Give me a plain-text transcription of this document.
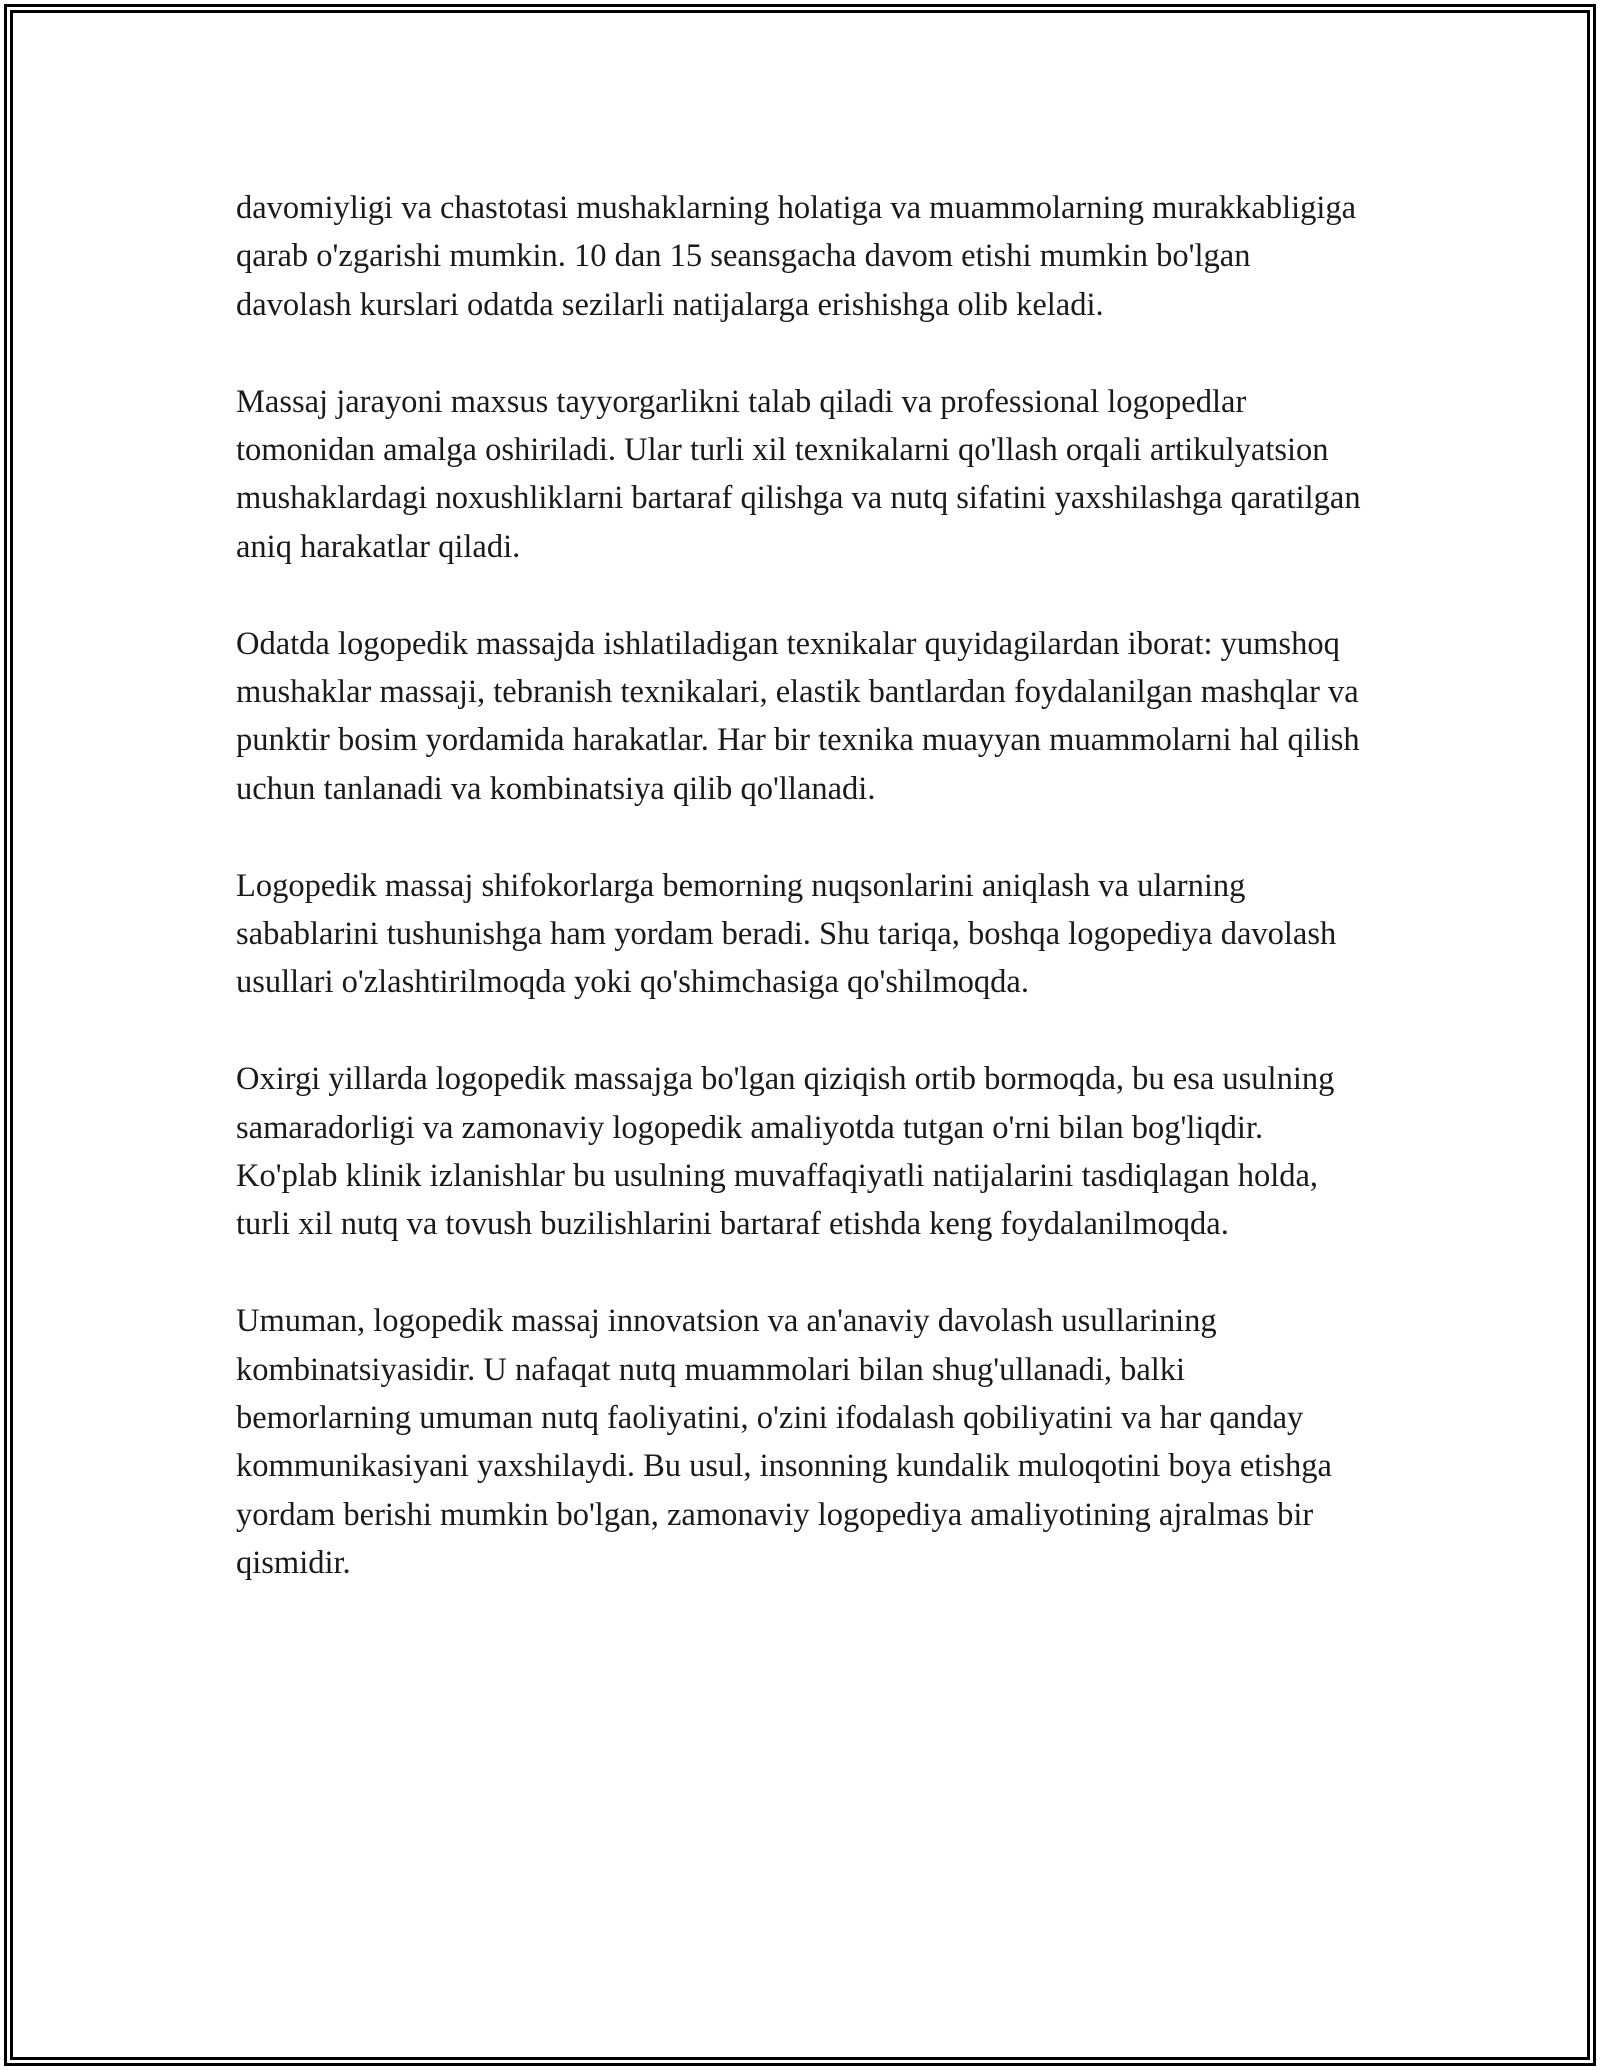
davomiyligi va chastotasi mushaklarning holatiga va muammolarning murakkabligiga qarab o'zgarishi mumkin. 10 dan 15 seansgacha davom etishi mumkin bo'lgan davolash kurslari odatda sezilarli natijalarga erishishga olib keladi.

Massaj jarayoni maxsus tayyorgarlikni talab qiladi va professional logopedlar tomonidan amalga oshiriladi. Ular turli xil texnikalarni qo'llash orqali artikulyatsion mushaklardagi noxushliklarni bartaraf qilishga va nutq sifatini yaxshilashga qaratilgan aniq harakatlar qiladi.

Odatda logopedik massajda ishlatiladigan texnikalar quyidagilardan iborat: yumshoq mushaklar massaji, tebranish texnikalari, elastik bantlardan foydalanilgan mashqlar va punktir bosim yordamida harakatlar. Har bir texnika muayyan muammolarni hal qilish uchun tanlanadi va kombinatsiya qilib qo'llanadi.

Logopedik massaj shifokorlarga bemorning nuqsonlarini aniqlash va ularning sabablarini tushunishga ham yordam beradi. Shu tariqa, boshqa logopediya davolash usullari o'zlashtirilmoqda yoki qo'shimchasiga qo'shilmoqda.

Oxirgi yillarda logopedik massajga bo'lgan qiziqish ortib bormoqda, bu esa usulning samaradorligi va zamonaviy logopedik amaliyotda tutgan o'rni bilan bog'liqdir. Ko'plab klinik izlanishlar bu usulning muvaffaqiyatli natijalarini tasdiqlagan holda, turli xil nutq va tovush buzilishlarini bartaraf etishda keng foydalanilmoqda.

Umuman, logopedik massaj innovatsion va an'anaviy davolash usullarining kombinatsiyasidir. U nafaqat nutq muammolari bilan shug'ullanadi, balki bemorlarning umuman nutq faoliyatini, o'zini ifodalash qobiliyatini va har qanday kommunikasiyani yaxshilaydi. Bu usul, insonning kundalik muloqotini boya etishga yordam berishi mumkin bo'lgan, zamonaviy logopediya amaliyotining ajralmas bir qismidir.
